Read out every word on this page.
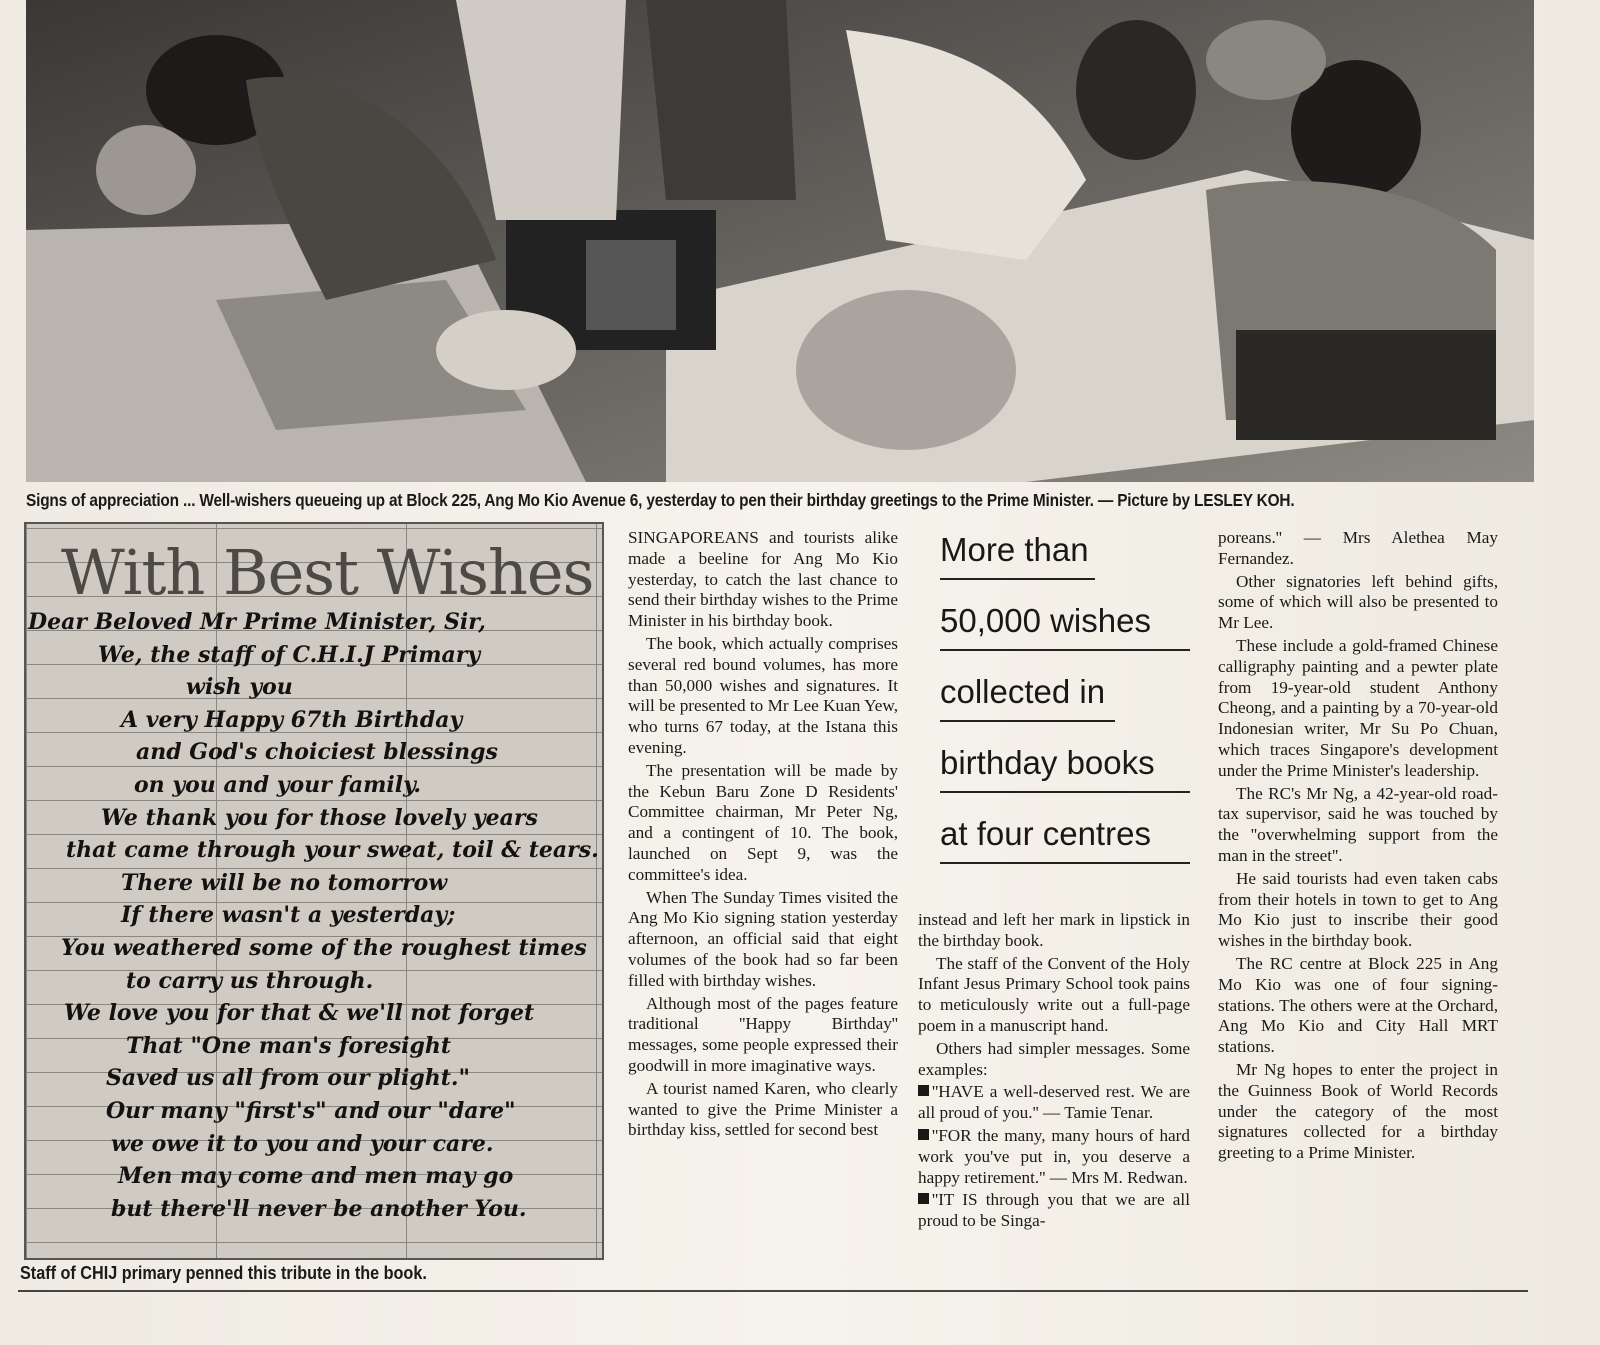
Signs of appreciation ... Well-wishers queueing up at Block 225, Ang Mo Kio Avenue 6, yesterday to pen their birthday greetings to the Prime Minister. — Picture by LESLEY KOH.
With Best Wishes
Dear Beloved Mr Prime Minister, Sir,
We, the staff of C.H.I.J Primary
wish you
A very Happy 67th Birthday
and God's choiciest blessings
on you and your family.
We thank you for those lovely years
that came through your sweat, toil & tears.
There will be no tomorrow
If there wasn't a yesterday;
You weathered some of the roughest times
to carry us through.
We love you for that & we'll not forget
That "One man's foresight
Saved us all from our plight."
Our many "first's" and our "dare"
we owe it to you and your care.
Men may come and men may go
but there'll never be another You.
Staff of CHIJ primary penned this tribute in the book.

SINGAPOREANS and tourists alike made a beeline for Ang Mo Kio yesterday, to catch the last chance to send their birthday wishes to the Prime Minister in his birthday book.

The book, which actually comprises several red bound volumes, has more than 50,000 wishes and signatures. It will be presented to Mr Lee Kuan Yew, who turns 67 today, at the Istana this evening.

The presentation will be made by the Kebun Baru Zone D Residents' Committee chairman, Mr Peter Ng, and a contingent of 10. The book, launched on Sept 9, was the committee's idea.

When The Sunday Times visited the Ang Mo Kio signing station yesterday afternoon, an official said that eight volumes of the book had so far been filled with birthday wishes.

Although most of the pages feature traditional ''Happy Birthday'' messages, some people expressed their goodwill in more imaginative ways.

A tourist named Karen, who clearly wanted to give the Prime Minister a birthday kiss, settled for second best

More than
50,000 wishes
collected in
birthday books
at four centres

instead and left her mark in lipstick in the birthday book.

The staff of the Convent of the Holy Infant Jesus Primary School took pains to meticulously write out a full-page poem in a manuscript hand.

Others had simpler messages. Some examples:

''HAVE a well-deserved rest. We are all proud of you.'' — Tamie Tenar.

''FOR the many, many hours of hard work you've put in, you deserve a happy retirement.'' — Mrs M. Redwan.

''IT IS through you that we are all proud to be Singa-

poreans.'' — Mrs Alethea May Fernandez.

Other signatories left behind gifts, some of which will also be presented to Mr Lee.

These include a gold-framed Chinese calligraphy painting and a pewter plate from 19-year-old student Anthony Cheong, and a painting by a 70-year-old Indonesian writer, Mr Su Po Chuan, which traces Singapore's development under the Prime Minister's leadership.

The RC's Mr Ng, a 42-year-old road-tax supervisor, said he was touched by the ''overwhelming support from the man in the street''.

He said tourists had even taken cabs from their hotels in town to get to Ang Mo Kio just to inscribe their good wishes in the birthday book.

The RC centre at Block 225 in Ang Mo Kio was one of four signing-stations. The others were at the Orchard, Ang Mo Kio and City Hall MRT stations.

Mr Ng hopes to enter the project in the Guinness Book of World Records under the category of the most signatures collected for a birthday greeting to a Prime Minister.
